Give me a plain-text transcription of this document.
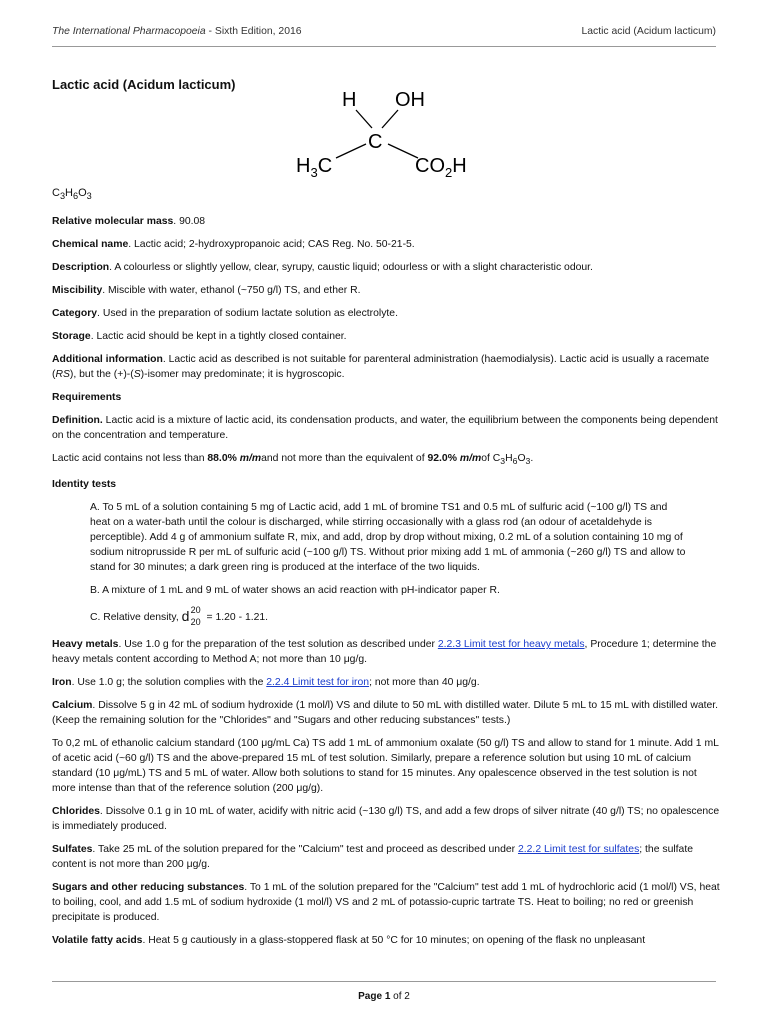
The International Pharmacopoeia - Sixth Edition, 2016	Lactic acid (Acidum lacticum)
Lactic acid (Acidum lacticum)
H OH
C
$H_3C$	$CO_2H$

$C_3H_6O_3$

Relative molecular mass. 90.08

Chemical name. Lactic acid; 2-hydroxypropanoic acid; CAS Reg. No. 50-21-5.

Description. A colourless or slightly yellow, clear, syrupy, caustic liquid; odourless or with a slight characteristic odour.

Miscibility. Miscible with water, ethanol (~750 g/l) TS, and ether R.

Category. Used in the preparation of sodium lactate solution as electrolyte.

Storage. Lactic acid should be kept in a tightly closed container.

Additional information. Lactic acid as described is not suitable for parenteral administration (haemodialysis). Lactic acid is usually a racemate (RS), but the (+)-(S)-isomer may predominate; it is hygroscopic.

Requirements

Definition. Lactic acid is a mixture of lactic acid, its condensation products, and water, the equilibrium between the components being dependent on the concentration and temperature.

Lactic acid contains not less than 88.0% m/mand not more than the equivalent of 92.0% m/mof $C_3H_6O_3$.

Identity tests

A. To 5 mL of a solution containing 5 mg of Lactic acid, add 1 mL of bromine TS1 and 0.5 mL of sulfuric acid (~100 g/l) TS and heat on a water-bath until the colour is discharged, while stirring occasionally with a glass rod (an odour of acetaldehyde is perceptible). Add 4 g of ammonium sulfate R, mix, and add, drop by drop without mixing, 0.2 mL of a solution containing 10 mg of sodium nitroprusside R per mL of sulfuric acid (~100 g/l) TS. Without prior mixing add 1 mL of ammonia (~260 g/l) TS and allow to stand for 30 minutes; a dark green ring is produced at the interface of the two liquids.

B. A mixture of 1 mL and 9 mL of water shows an acid reaction with pH-indicator paper R.

C. Relative density, d 20
20 = 1.20 - 1.21.

Heavy metals. Use 1.0 g for the preparation of the test solution as described under 2.2.3 Limit test for heavy metals, Procedure 1; determine the heavy metals content according to Method A; not more than 10 μg/g.

Iron. Use 1.0 g; the solution complies with the 2.2.4 Limit test for iron; not more than 40 μg/g.

Calcium. Dissolve 5 g in 42 mL of sodium hydroxide (1 mol/l) VS and dilute to 50 mL with distilled water. Dilute 5 mL to 15 mL with distilled water. (Keep the remaining solution for the "Chlorides" and "Sugars and other reducing substances" tests.)

To 0,2 mL of ethanolic calcium standard (100 μg/mL Ca) TS add 1 mL of ammonium oxalate (50 g/l) TS and allow to stand for 1 minute. Add 1 mL of acetic acid (~60 g/l) TS and the above-prepared 15 mL of test solution. Similarly, prepare a reference solution but using 10 mL of calcium standard (10 μg/mL) TS and 5 mL of water. Allow both solutions to stand for 15 minutes. Any opalescence observed in the test solution is not more intense than that of the reference solution (200 μg/g).

Chlorides. Dissolve 0.1 g in 10 mL of water, acidify with nitric acid (~130 g/l) TS, and add a few drops of silver nitrate (40 g/l) TS; no opalescence is immediately produced.

Sulfates. Take 25 mL of the solution prepared for the "Calcium" test and proceed as described under 2.2.2 Limit test for sulfates; the sulfate content is not more than 200 μg/g.

Sugars and other reducing substances. To 1 mL of the solution prepared for the "Calcium" test add 1 mL of hydrochloric acid (1 mol/l) VS, heat to boiling, cool, and add 1.5 mL of sodium hydroxide (1 mol/l) VS and 2 mL of potassio-cupric tartrate TS. Heat to boiling; no red or greenish precipitate is produced.

Volatile fatty acids. Heat 5 g cautiously in a glass-stoppered flask at 50 °C for 10 minutes; on opening of the flask no unpleasant

Page 1 of 2
